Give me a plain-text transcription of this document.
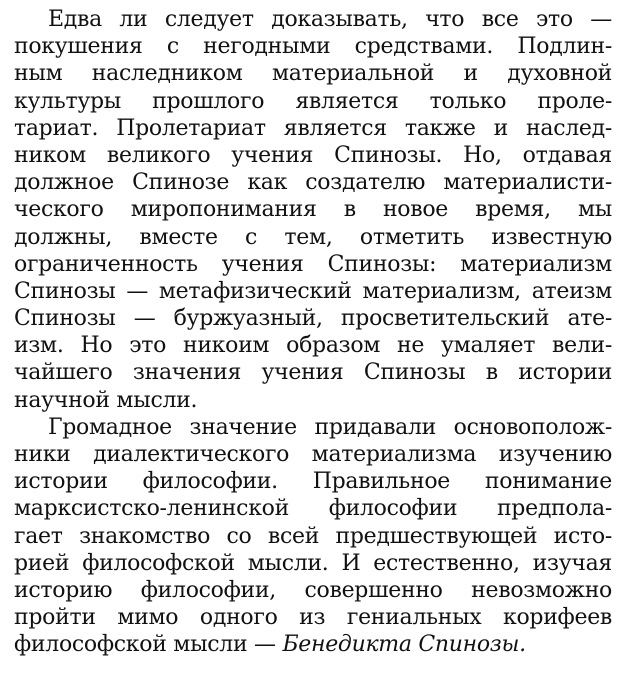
Едва ли следует доказывать, что все это —
покушения с негодными средствами. Подлин-
ным наследником материальной и духовной
культуры прошлого является только проле-
тариат. Пролетариат является также и наслед-
ником великого учения Спинозы. Но, отдавая
должное Спинозе как создателю материалисти-
ческого миропонимания в новое время, мы
должны, вместе с тем, отметить известную
ограниченность учения Спинозы: материализм
Спинозы — метафизический материализм, атеизм
Спинозы — буржуазный, просветительский ате-
изм. Но это никоим образом не умаляет вели-
чайшего значения учения Спинозы в истории
научной мысли.
Громадное значение придавали основополож-
ники диалектического материализма изучению
истории философии. Правильное понимание
марксистско-ленинской философии предпола-
гает знакомство со всей предшествующей исто-
рией философской мысли. И естественно, изучая
историю философии, совершенно невозможно
пройти мимо одного из гениальных корифеев
философской мысли — Бенедикта Спинозы.
